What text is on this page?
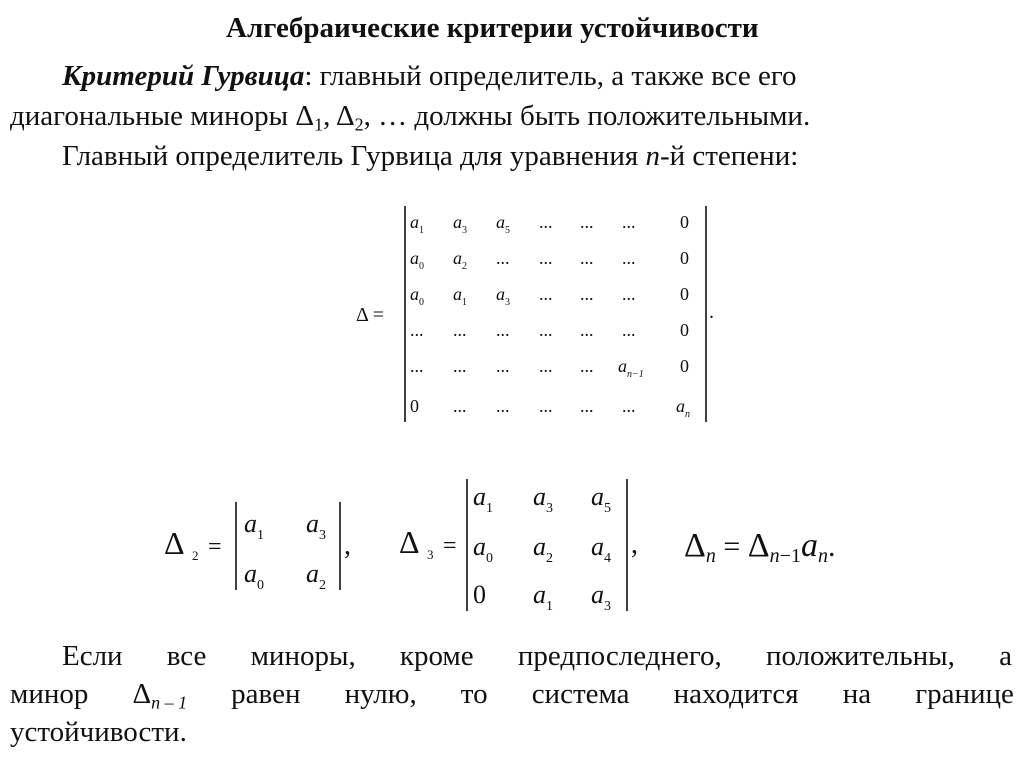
Алгебраические критерии устойчивости
Критерий Гурвица: главный определитель, а также все его
диагональные миноры $\Delta_1$, $\Delta_2$, … должны быть положительными.
Главный определитель Гурвица для уравнения n-й степени:
Δ =	.
$a_1$ $a_3$ $a_5$ ... ... ... 0
$a_0$ $a_2$ ... ... ... ... 0
$a_0$ $a_1$ $a_3$ ... ... ... 0
... ... ... ... ... ... 0
... ... ... ... ... $a_{n-1}$ 0
0 ... ... ... ... ... $a_n$
Δ 2 =	,
$a_1$ $a_3$
$a_0$ $a_2$
Δ 3 =	,
$a_1$ $a_3$ $a_5$
$a_0$ $a_2$ $a_4$
0 $a_1$ $a_3$
Δn = Δn−1an.
Если все миноры, кроме предпоследнего, положительны, а
минор $\Delta_{n - 1}$ равен нулю, то система находится на границе
устойчивости.
